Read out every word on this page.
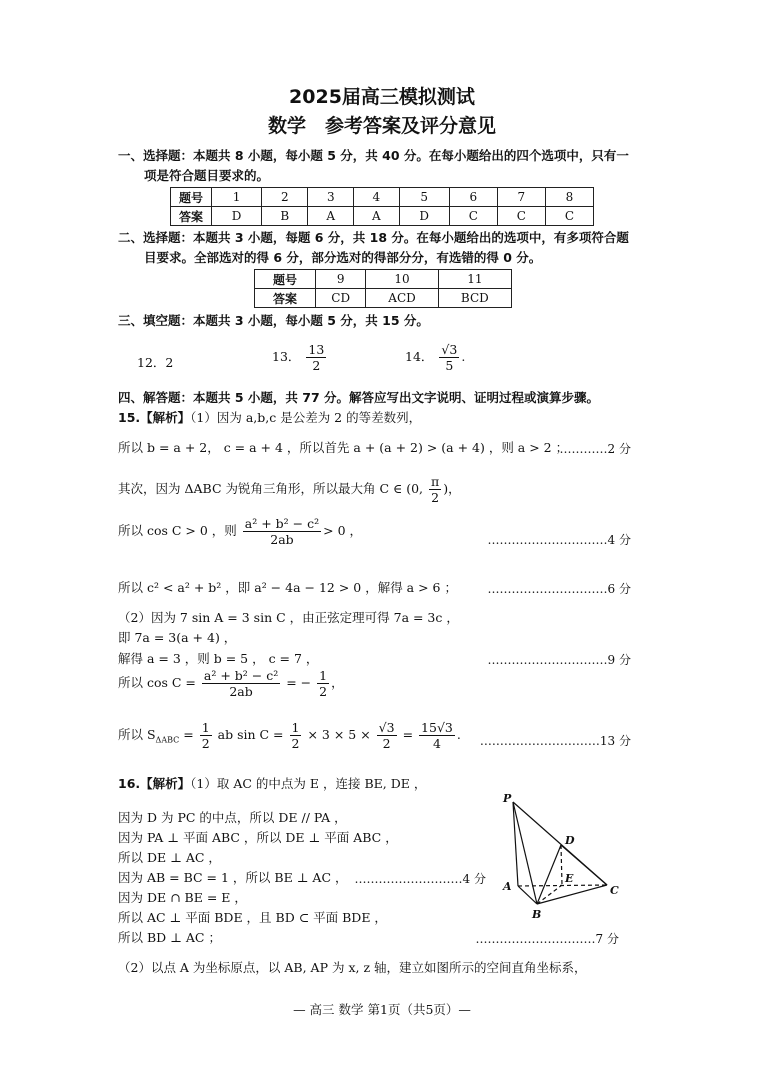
2025届高三模拟测试
数学　参考答案及评分意见
一、选择题：本题共 8 小题，每小题 5 分，共 40 分。在每小题给出的四个选项中，只有一
项是符合题目要求的。
题号	1	2	3	4	5	6	7	8
答案	D	B	A	A	D	C	C	C
二、选择题：本题共 3 小题，每题 6 分，共 18 分。在每小题给出的选项中，有多项符合题
目要求。全部选对的得 6 分，部分选对的得部分分，有选错的得 0 分。
题号	9	10	11
答案	CD	ACD	BCD
三、填空题：本题共 3 小题，每小题 5 分，共 15 分。
12．2	13． $\frac{13}{2}$	14． $\frac{√3}{5}$ .
四、解答题：本题共 5 小题，共 77 分。解答应写出文字说明、证明过程或演算步骤。
15.【解析】（1）因为 a,b,c 是公差为 2 的等差数列，
所以 b = a + 2， c = a + 4 ，所以首先 a + (a + 2) > (a + 4) ，则 a > 2 ；
…………2 分
其次，因为 ΔABC 为锐角三角形，所以最大角 C ∈ (0, $\frac{\pi}{2}$ )，
所以 cos C > 0 ，则 $\frac{\text{a² + b² − c²}}{2ab} > 0$ ，
…………………………4 分
所以 c² < a² + b² ，即 a² − 4a − 12 > 0 ，解得 a > 6 ；	…………………………6 分
（2）因为 7 sin A = 3 sin C ，由正弦定理可得 7a = 3c ，
即 7a = 3(a + 4) ，
解得 a = 3 ，则 b = 5 ， c = 7 ，	…………………………9 分
所以 $\cos C = \frac{\text{a² + b² − c²}}{2ab}$ = − $\frac{1}{2}$ ，
所以 $S_{\Delta ABC} = \frac{1}{2}$ ab $\sin C = \frac{1}{2} \times 3 \times 5 \times \frac{√3}{2} = \frac{15√3}{4}$ . …………………………13 分
16.【解析】（1）取 AC 的中点为 E ，连接 BE, DE ，
因为 D 为 PC 的中点，所以 DE // PA ，
因为 PA ⊥ 平面 ABC ，所以 DE ⊥ 平面 ABC ，
所以 DE ⊥ AC ，
因为 AB = BC = 1 ，所以 BE ⊥ AC ， ………………………4 分
因为 DE ∩ BE = E ，
所以 AC ⊥ 平面 BDE ，且 BD ⊂ 平面 BDE ，
所以 BD ⊥ AC ；	…………………………7 分
（2）以点 A 为坐标原点，以 AB, AP 为 x, z 轴，建立如图所示的空间直角坐标系，
P
D
E
A
B
C
— 高三 数学 第1页（共5页）—
